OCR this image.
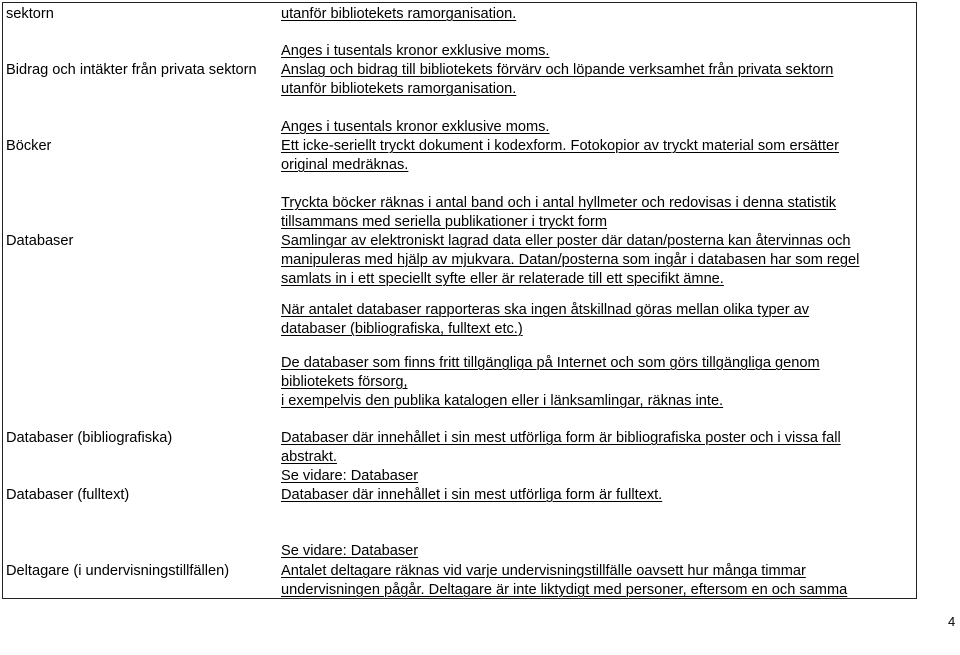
sektorn
Bidrag och intäkter från privata sektorn
Böcker
Databaser
Databaser (bibliografiska)
Databaser (fulltext)
Deltagare (i undervisningstillfällen)
utanför bibliotekets ramorganisation.
Anges i tusentals kronor exklusive moms.
Anslag och bidrag till bibliotekets förvärv och löpande verksamhet från privata sektorn
utanför bibliotekets ramorganisation.
Anges i tusentals kronor exklusive moms.
Ett icke-seriellt tryckt dokument i kodexform. Fotokopior av tryckt material som ersätter
original medräknas.
Tryckta böcker räknas i antal band och i antal hyllmeter och redovisas i denna statistik
tillsammans med seriella publikationer i tryckt form
Samlingar av elektroniskt lagrad data eller poster där datan/posterna kan återvinnas och
manipuleras med hjälp av mjukvara. Datan/posterna som ingår i databasen har som regel
samlats in i ett speciellt syfte eller är relaterade till ett specifikt ämne.
När antalet databaser rapporteras ska ingen åtskillnad göras mellan olika typer av
databaser (bibliografiska, fulltext etc.)
De databaser som finns fritt tillgängliga på Internet och som görs tillgängliga genom
bibliotekets försorg,
i exempelvis den publika katalogen eller i länksamlingar, räknas inte.
Databaser där innehållet i sin mest utförliga form är bibliografiska poster och i vissa fall
abstrakt.
Se vidare: Databaser
Databaser där innehållet i sin mest utförliga form är fulltext.
Se vidare: Databaser
Antalet deltagare räknas vid varje undervisningstillfälle oavsett hur många timmar
undervisningen pågår. Deltagare är inte liktydigt med personer, eftersom en och samma
4
